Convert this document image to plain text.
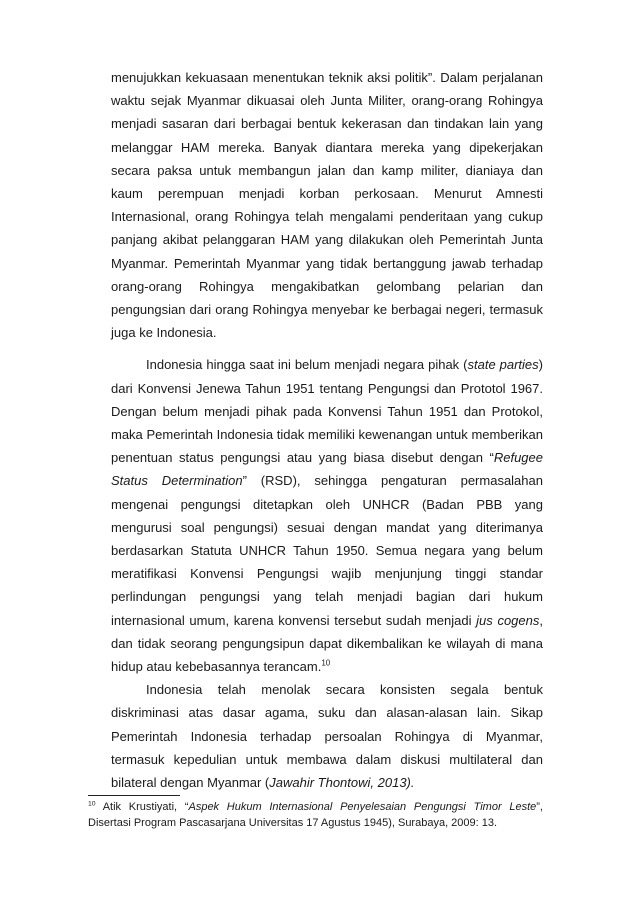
menujukkan kekuasaan menentukan teknik aksi politik”. Dalam perjalanan waktu sejak Myanmar dikuasai oleh Junta Militer, orang-orang Rohingya menjadi sasaran dari berbagai bentuk kekerasan dan tindakan lain yang melanggar HAM mereka. Banyak diantara mereka yang dipekerjakan secara paksa untuk membangun jalan dan kamp militer, dianiaya dan kaum perempuan menjadi korban perkosaan. Menurut Amnesti Internasional, orang Rohingya telah mengalami penderitaan yang cukup panjang akibat pelanggaran HAM yang dilakukan oleh Pemerintah Junta Myanmar. Pemerintah Myanmar yang tidak bertanggung jawab terhadap orang-orang Rohingya mengakibatkan gelombang pelarian dan pengungsian dari orang Rohingya menyebar ke berbagai negeri, termasuk juga ke Indonesia.

Indonesia hingga saat ini belum menjadi negara pihak (state parties) dari Konvensi Jenewa Tahun 1951 tentang Pengungsi dan Prototol 1967. Dengan belum menjadi pihak pada Konvensi Tahun 1951 dan Protokol, maka Pemerintah Indonesia tidak memiliki kewenangan untuk memberikan penentuan status pengungsi atau yang biasa disebut dengan “Refugee Status Determination” (RSD), sehingga pengaturan permasalahan mengenai pengungsi ditetapkan oleh UNHCR (Badan PBB yang mengurusi soal pengungsi) sesuai dengan mandat yang diterimanya berdasarkan Statuta UNHCR Tahun 1950. Semua negara yang belum meratifikasi Konvensi Pengungsi wajib menjunjung tinggi standar perlindungan pengungsi yang telah menjadi bagian dari hukum internasional umum, karena konvensi tersebut sudah menjadi jus cogens, dan tidak seorang pengungsipun dapat dikembalikan ke wilayah di mana hidup atau kebebasannya terancam.$^{10}$

Indonesia telah menolak secara konsisten segala bentuk diskriminasi atas dasar agama, suku dan alasan-alasan lain. Sikap Pemerintah Indonesia terhadap persoalan Rohingya di Myanmar, termasuk kepedulian untuk membawa dalam diskusi multilateral dan bilateral dengan Myanmar (Jawahir Thontowi, 2013).

$^{10}$ Atik Krustiyati, “Aspek Hukum Internasional Penyelesaian Pengungsi Timor Leste”, Disertasi Program Pascasarjana Universitas 17 Agustus 1945), Surabaya, 2009: 13.
